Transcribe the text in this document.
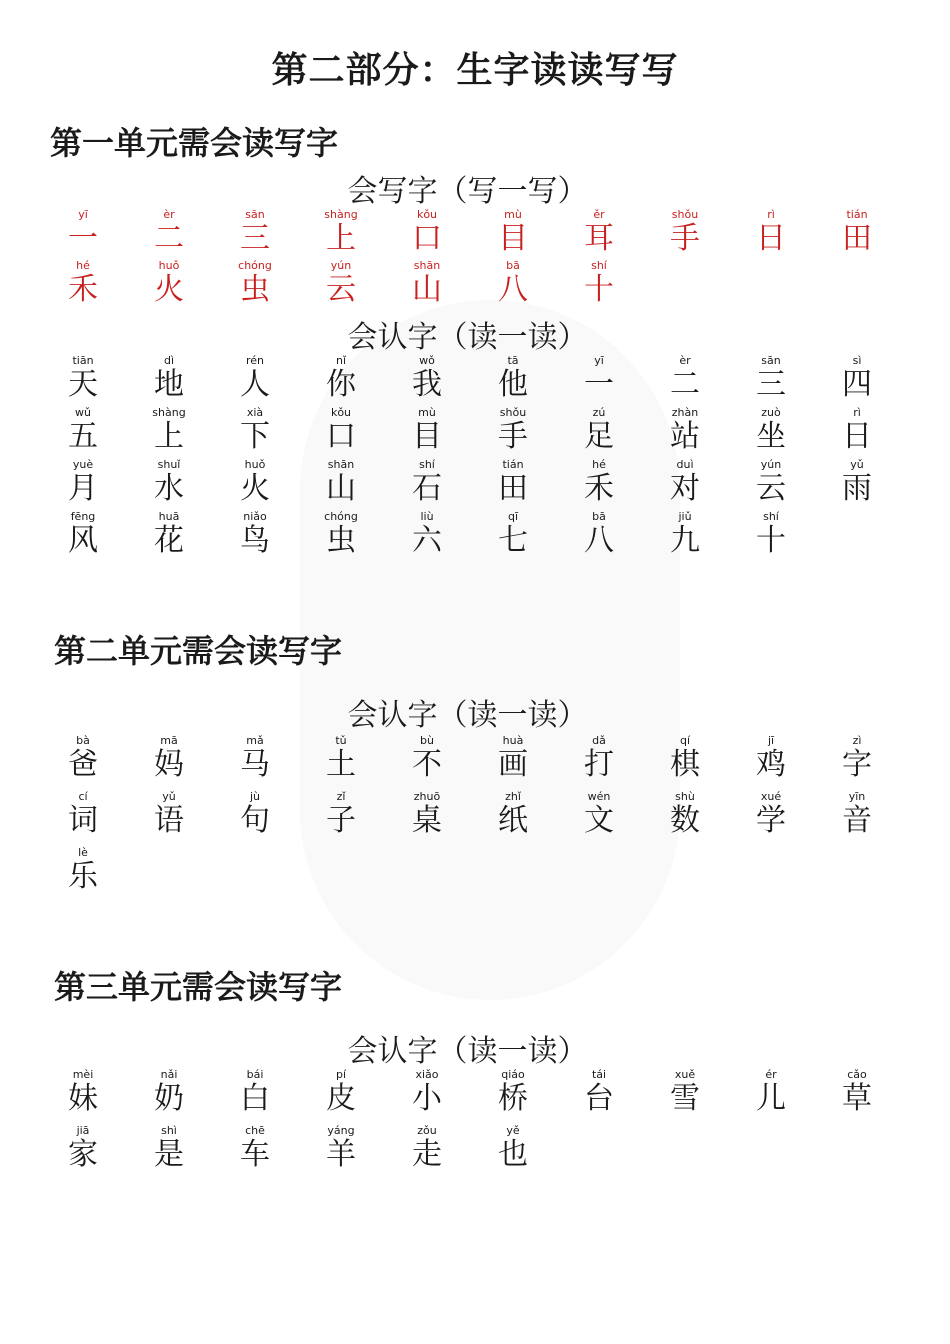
第二部分：生字读读写写
第一单元需会读写字
会写字（写一写）
yī
一
èr
二
sān
三
shàng
上
kǒu
口
mù
目
ěr
耳
shǒu
手
rì
日
tián
田
hé
禾
huǒ
火
chóng
虫
yún
云
shān
山
bā
八
shí
十
会认字（读一读）
tiān
天
dì
地
rén
人
nǐ
你
wǒ
我
tā
他
yī
一
èr
二
sān
三
sì
四
wǔ
五
shàng
上
xià
下
kǒu
口
mù
目
shǒu
手
zú
足
zhàn
站
zuò
坐
rì
日
yuè
月
shuǐ
水
huǒ
火
shān
山
shí
石
tián
田
hé
禾
duì
对
yún
云
yǔ
雨
fēng
风
huā
花
niǎo
鸟
chóng
虫
liù
六
qī
七
bā
八
jiǔ
九
shí
十
第二单元需会读写字
会认字（读一读）
bà
爸
mā
妈
mǎ
马
tǔ
土
bù
不
huà
画
dǎ
打
qí
棋
jī
鸡
zì
字
cí
词
yǔ
语
jù
句
zǐ
子
zhuō
桌
zhǐ
纸
wén
文
shù
数
xué
学
yīn
音
lè
乐
第三单元需会读写字
会认字（读一读）
mèi
妹
nǎi
奶
bái
白
pí
皮
xiǎo
小
qiáo
桥
tái
台
xuě
雪
ér
儿
cǎo
草
jiā
家
shì
是
chē
车
yáng
羊
zǒu
走
yě
也
